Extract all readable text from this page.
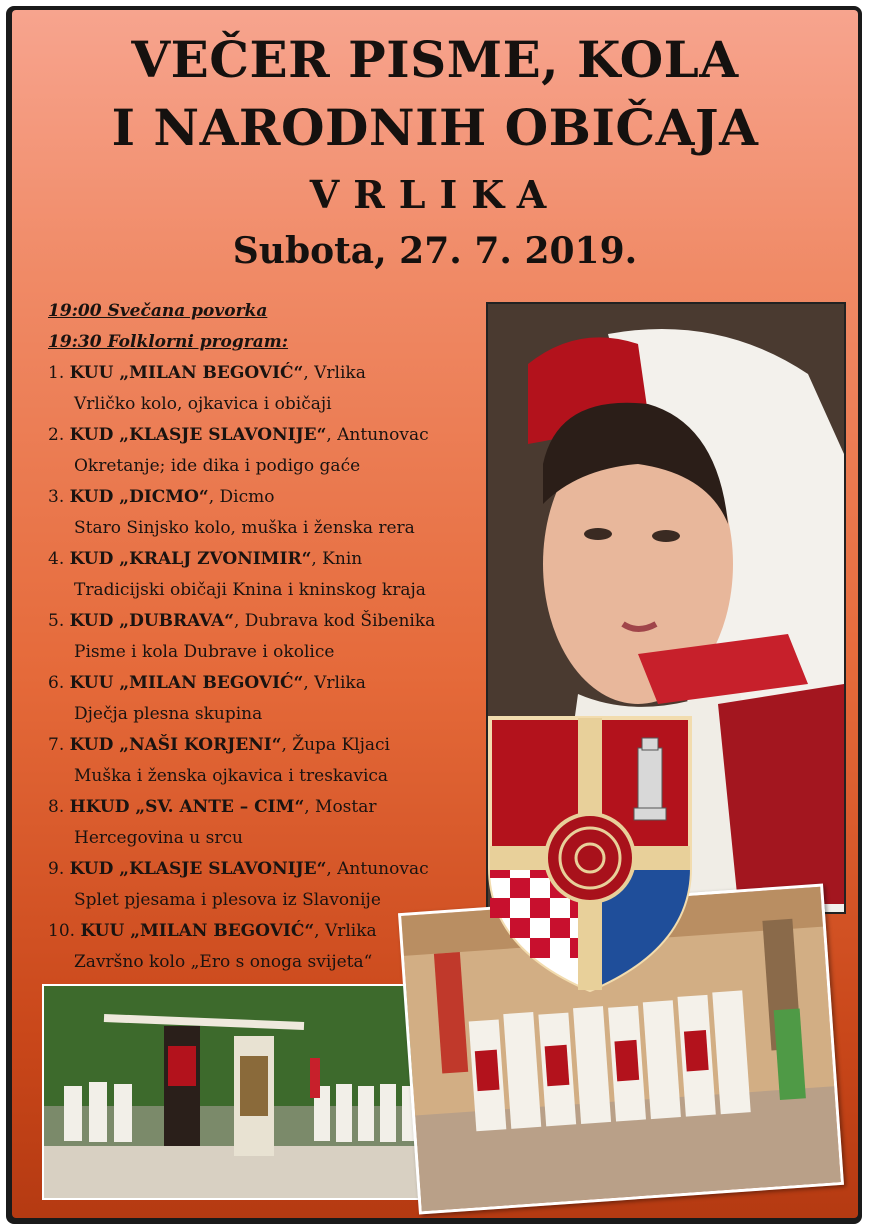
VEČER PISME, KOLA
I NARODNIH OBIČAJA
VRLIKA
Subota, 27. 7. 2019.
19:00 Svečana povorka
19:30 Folklorni program:
1. KUU „MILAN BEGOVIĆ“, Vrlika
Vrličko kolo, ojkavica i običaji
2. KUD „KLASJE SLAVONIJE“, Antunovac
Okretanje; ide dika i podigo gaće
3. KUD „DICMO“, Dicmo
Staro Sinjsko kolo, muška i ženska rera
4. KUD „KRALJ ZVONIMIR“, Knin
Tradicijski običaji Knina i kninskog kraja
5. KUD „DUBRAVA“, Dubrava kod Šibenika
Pisme i kola Dubrave i okolice
6. KUU „MILAN BEGOVIĆ“, Vrlika
Dječja plesna skupina
7. KUD „NAŠI KORJENI“, Župa Kljaci
Muška i ženska ojkavica i treskavica
8. HKUD „SV. ANTE – CIM“, Mostar
Hercegovina u srcu
9. KUD „KLASJE SLAVONIJE“, Antunovac
Splet pjesama i plesova iz Slavonije
10. KUU „MILAN BEGOVIĆ“, Vrlika
Završno kolo „Ero s onoga svijeta“
